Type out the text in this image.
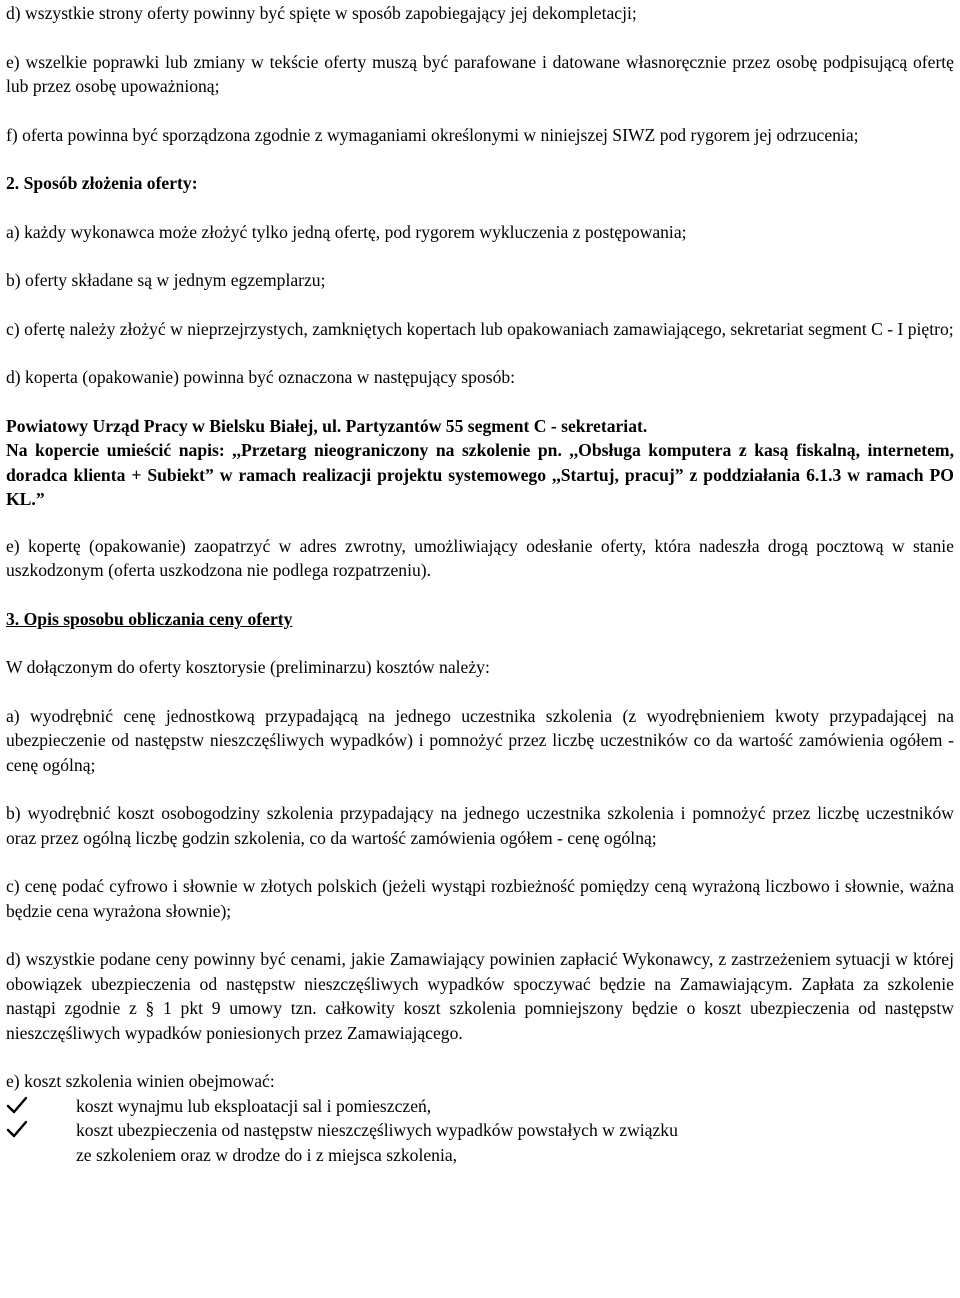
d) wszystkie strony oferty powinny być spięte w sposób zapobiegający jej dekompletacji;

e) wszelkie poprawki lub zmiany w tekście oferty muszą być parafowane i datowane własnoręcznie przez osobę podpisującą ofertę lub przez osobę upoważnioną;

f) oferta powinna być sporządzona zgodnie z wymaganiami określonymi w niniejszej SIWZ pod rygorem jej odrzucenia;

2. Sposób złożenia oferty:

a) każdy wykonawca może złożyć tylko jedną ofertę, pod rygorem wykluczenia z postępowania;

b) oferty składane są w jednym egzemplarzu;

c) ofertę należy złożyć w nieprzejrzystych, zamkniętych kopertach lub opakowaniach zamawiającego, sekretariat segment C - I piętro;

d) koperta (opakowanie) powinna być oznaczona w następujący sposób:

Powiatowy Urząd Pracy w Bielsku Białej, ul. Partyzantów 55 segment C - sekretariat.

Na kopercie umieścić napis: ,,Przetarg nieograniczony na szkolenie pn. ,,Obsługa komputera z kasą fiskalną, internetem, doradca klienta + Subiekt” w ramach realizacji projektu systemowego ,,Startuj, pracuj” z poddziałania 6.1.3 w ramach PO KL.”

e) kopertę (opakowanie) zaopatrzyć w adres zwrotny, umożliwiający odesłanie oferty, która nadeszła drogą pocztową w stanie uszkodzonym (oferta uszkodzona nie podlega rozpatrzeniu).

3. Opis sposobu obliczania ceny oferty

W dołączonym do oferty kosztorysie (preliminarzu) kosztów należy:

a) wyodrębnić cenę jednostkową przypadającą na jednego uczestnika szkolenia (z wyodrębnieniem kwoty przypadającej na ubezpieczenie od następstw nieszczęśliwych wypadków) i pomnożyć przez liczbę uczestników co da wartość zamówienia ogółem - cenę ogólną;

b) wyodrębnić koszt osobogodziny szkolenia przypadający na jednego uczestnika szkolenia i pomnożyć przez liczbę uczestników oraz przez ogólną liczbę godzin szkolenia, co da wartość zamówienia ogółem - cenę ogólną;

c) cenę podać cyfrowo i słownie w złotych polskich (jeżeli wystąpi rozbieżność pomiędzy ceną wyrażoną liczbowo i słownie, ważna będzie cena wyrażona słownie);

d) wszystkie podane ceny powinny być cenami, jakie Zamawiający powinien zapłacić Wykonawcy, z zastrzeżeniem sytuacji w której obowiązek ubezpieczenia od następstw nieszczęśliwych wypadków spoczywać będzie na Zamawiającym. Zapłata za szkolenie nastąpi zgodnie z § 1 pkt 9 umowy tzn. całkowity koszt szkolenia pomniejszony będzie o koszt ubezpieczenia od następstw nieszczęśliwych wypadków poniesionych przez Zamawiającego.

e) koszt szkolenia winien obejmować:

koszt wynajmu lub eksploatacji sal i pomieszczeń,
koszt ubezpieczenia od następstw nieszczęśliwych wypadków powstałych w związku
ze szkoleniem oraz w drodze do i z miejsca szkolenia,
